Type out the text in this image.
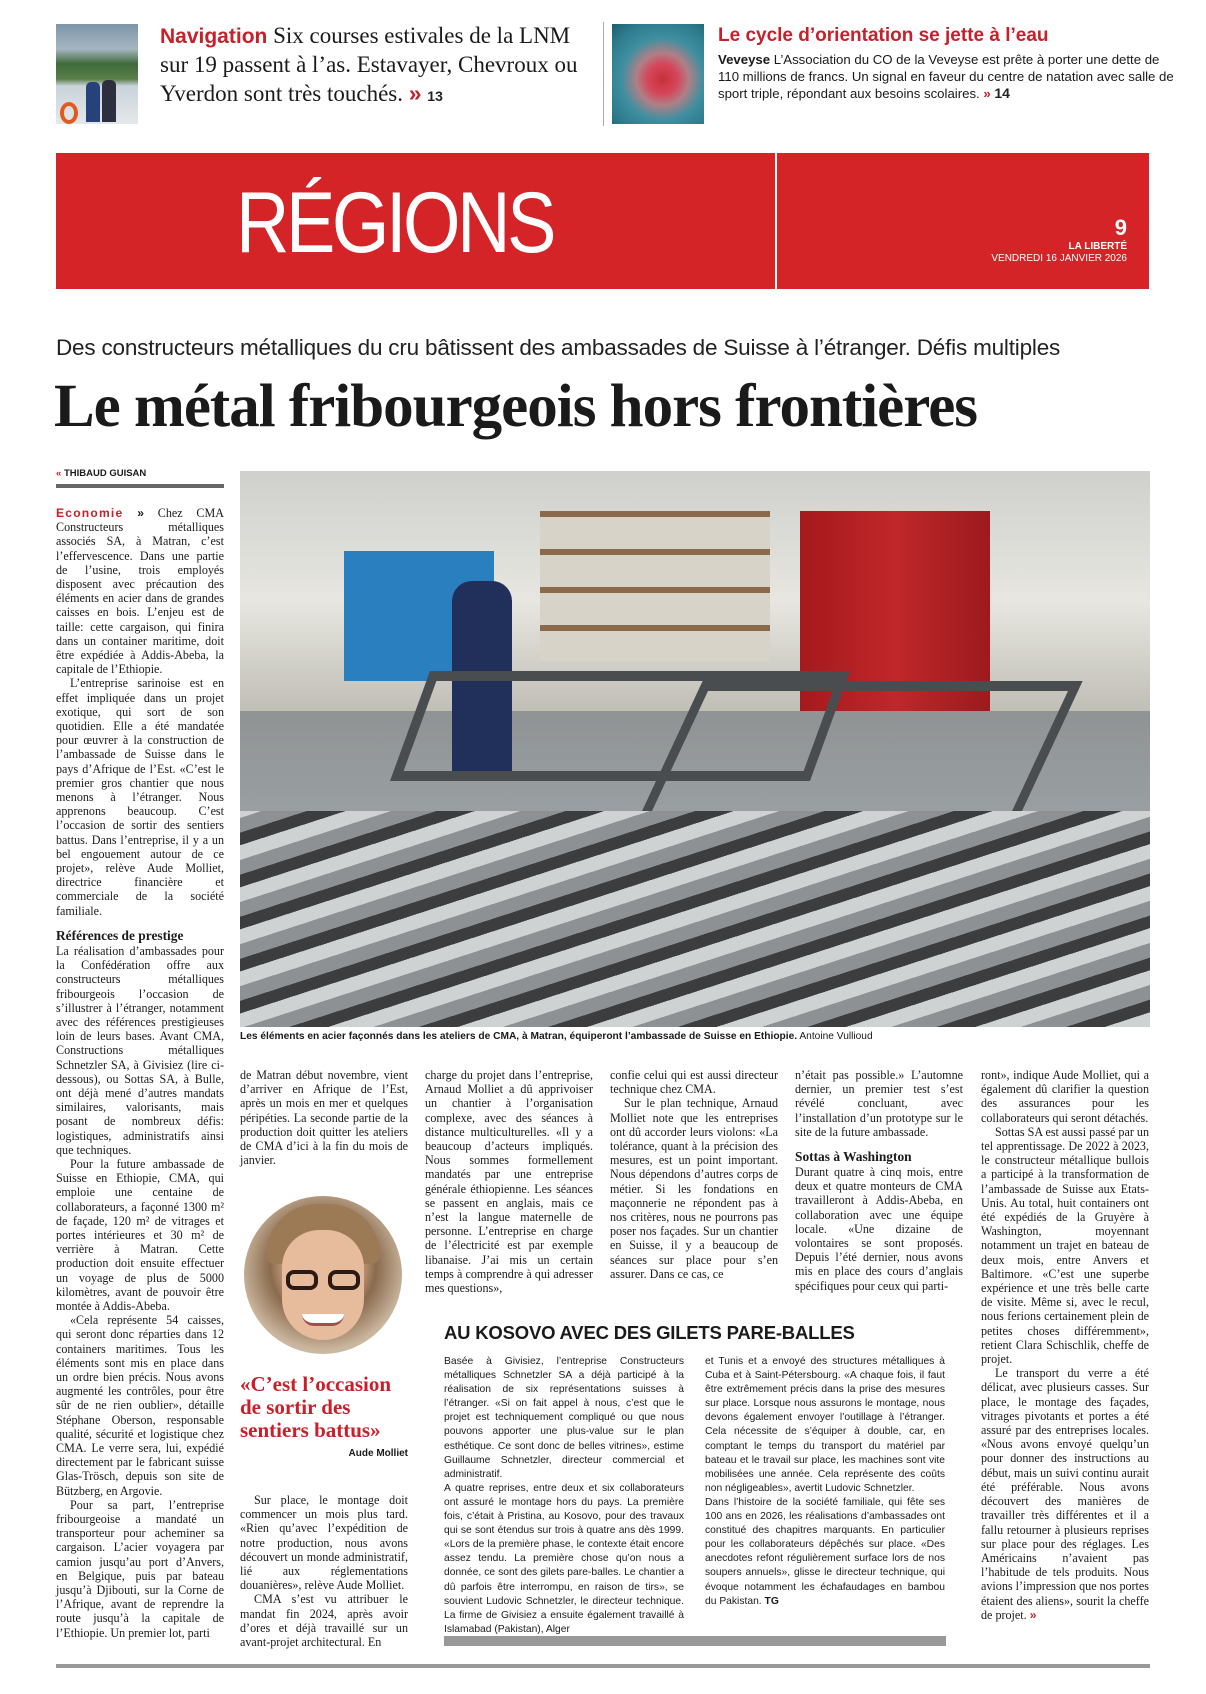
Navigation Six courses estivales de la LNM sur 19 passent à l’as. Estavayer, Chevroux ou Yverdon sont très touchés. » 13
Le cycle d’orientation se jette à l’eau
Veveyse L’Association du CO de la Veveyse est prête à porter une dette de 110 millions de francs. Un signal en faveur du centre de natation avec salle de sport triple, répondant aux besoins scolaires. » 14
RÉGIONS	9
LA LIBERTÉ
VENDREDI 16 JANVIER 2026
Des constructeurs métalliques du cru bâtissent des ambassades de Suisse à l’étranger. Défis multiples
Le métal fribourgeois hors frontières
« THIBAUD GUISAN
Les éléments en acier façonnés dans les ateliers de CMA, à Matran, équiperont l’ambassade de Suisse en Ethiopie. Antoine Vullioud

Economie » Chez CMA Constructeurs métalliques associés SA, à Matran, c’est l’effervescence. Dans une partie de l’usine, trois employés disposent avec précaution des éléments en acier dans de grandes caisses en bois. L’enjeu est de taille: cette cargaison, qui finira dans un container maritime, doit être expédiée à Addis-Abeba, la capitale de l’Ethiopie.

L’entreprise sarinoise est en effet impliquée dans un projet exotique, qui sort de son quotidien. Elle a été mandatée pour œuvrer à la construction de l’ambassade de Suisse dans le pays d’Afrique de l’Est. «C’est le premier gros chantier que nous menons à l’étranger. Nous apprenons beaucoup. C’est l’occasion de sortir des sentiers battus. Dans l’entreprise, il y a un bel engouement autour de ce projet», relève Aude Molliet, directrice financière et commerciale de la société familiale.

Références de prestige

La réalisation d’ambassades pour la Confédération offre aux constructeurs métalliques fribourgeois l’occasion de s’illustrer à l’étranger, notamment avec des références prestigieuses loin de leurs bases. Avant CMA, Constructions métalliques Schnetzler SA, à Givisiez (lire ci-dessous), ou Sottas SA, à Bulle, ont déjà mené d’autres mandats similaires, valorisants, mais posant de nombreux défis: logistiques, administratifs ainsi que techniques.

Pour la future ambassade de Suisse en Ethiopie, CMA, qui emploie une centaine de collaborateurs, a façonné 1300 m² de façade, 120 m² de vitrages et portes intérieures et 30 m² de verrière à Matran. Cette production doit ensuite effectuer un voyage de plus de 5000 kilomètres, avant de pouvoir être montée à Addis-Abeba.

«Cela représente 54 caisses, qui seront donc réparties dans 12 containers maritimes. Tous les éléments sont mis en place dans un ordre bien précis. Nous avons augmenté les contrôles, pour être sûr de ne rien oublier», détaille Stéphane Oberson, responsable qualité, sécurité et logistique chez CMA. Le verre sera, lui, expédié directement par le fabricant suisse Glas-Trösch, depuis son site de Bützberg, en Argovie.

Pour sa part, l’entreprise fribourgeoise a mandaté un transporteur pour acheminer sa cargaison. L’acier voyagera par camion jusqu’au port d’Anvers, en Belgique, puis par bateau jusqu’à Djibouti, sur la Corne de l’Afrique, avant de reprendre la route jusqu’à la capitale de l’Ethiopie. Un premier lot, parti

de Matran début novembre, vient d’arriver en Afrique de l’Est, après un mois en mer et quelques péripéties. La seconde partie de la production doit quitter les ateliers de CMA d’ici à la fin du mois de janvier.

«C’est l’occasion de sortir des sentiers battus»
Aude Molliet

Sur place, le montage doit commencer un mois plus tard. «Rien qu’avec l’expédition de notre production, nous avons découvert un monde administratif, lié aux réglementations douanières», relève Aude Molliet.

CMA s’est vu attribuer le mandat fin 2024, après avoir d’ores et déjà travaillé sur un avant-projet architectural. En

charge du projet dans l’entreprise, Arnaud Molliet a dû apprivoiser un chantier à l’organisation complexe, avec des séances à distance multiculturelles. «Il y a beaucoup d’acteurs impliqués. Nous sommes formellement mandatés par une entreprise générale éthiopienne. Les séances se passent en anglais, mais ce n’est la langue maternelle de personne. L’entreprise en charge de l’électricité est par exemple libanaise. J’ai mis un certain temps à comprendre à qui adresser mes questions»,

confie celui qui est aussi directeur technique chez CMA.

Sur le plan technique, Arnaud Molliet note que les entreprises ont dû accorder leurs violons: «La tolérance, quant à la précision des mesures, est un point important. Nous dépendons d’autres corps de métier. Si les fondations en maçonnerie ne répondent pas à nos critères, nous ne pourrons pas poser nos façades. Sur un chantier en Suisse, il y a beaucoup de séances sur place pour s’en assurer. Dans ce cas, ce

n’était pas possible.» L’automne dernier, un premier test s’est révélé concluant, avec l’installation d’un prototype sur le site de la future ambassade.

Sottas à Washington

Durant quatre à cinq mois, entre deux et quatre monteurs de CMA travailleront à Addis-Abeba, en collaboration avec une équipe locale. «Une dizaine de volontaires se sont proposés. Depuis l’été dernier, nous avons mis en place des cours d’anglais spécifiques pour ceux qui parti-

ront», indique Aude Molliet, qui a également dû clarifier la question des assurances pour les collaborateurs qui seront détachés.

Sottas SA est aussi passé par un tel apprentissage. De 2022 à 2023, le constructeur métallique bullois a participé à la transformation de l’ambassade de Suisse aux Etats-Unis. Au total, huit containers ont été expédiés de la Gruyère à Washington, moyennant notamment un trajet en bateau de deux mois, entre Anvers et Baltimore. «C’est une superbe expérience et une très belle carte de visite. Même si, avec le recul, nous ferions certainement plein de petites choses différemment», retient Clara Schischlik, cheffe de projet.

Le transport du verre a été délicat, avec plusieurs casses. Sur place, le montage des façades, vitrages pivotants et portes a été assuré par des entreprises locales. «Nous avons envoyé quelqu’un pour donner des instructions au début, mais un suivi continu aurait été préférable. Nous avons découvert des manières de travailler très différentes et il a fallu retourner à plusieurs reprises sur place pour des réglages. Les Américains n’avaient pas l’habitude de tels produits. Nous avions l’impression que nos portes étaient des aliens», sourit la cheffe de projet. »

AU KOSOVO AVEC DES GILETS PARE-BALLES

Basée à Givisiez, l’entreprise Constructeurs métalliques Schnetzler SA a déjà participé à la réalisation de six représentations suisses à l’étranger. «Si on fait appel à nous, c’est que le projet est techniquement compliqué ou que nous pouvons apporter une plus-value sur le plan esthétique. Ce sont donc de belles vitrines», estime Guillaume Schnetzler, directeur commercial et administratif.

A quatre reprises, entre deux et six collaborateurs ont assuré le montage hors du pays. La première fois, c’était à Pristina, au Kosovo, pour des travaux qui se sont étendus sur trois à quatre ans dès 1999. «Lors de la première phase, le contexte était encore assez tendu. La première chose qu’on nous a donnée, ce sont des gilets pare-balles. Le chantier a dû parfois être interrompu, en raison de tirs», se souvient Ludovic Schnetzler, le directeur technique. La firme de Givisiez a ensuite également travaillé à Islamabad (Pakistan), Alger

et Tunis et a envoyé des structures métalliques à Cuba et à Saint-Pétersbourg. «A chaque fois, il faut être extrêmement précis dans la prise des mesures sur place. Lorsque nous assurons le montage, nous devons également envoyer l’outillage à l’étranger. Cela nécessite de s’équiper à double, car, en comptant le temps du transport du matériel par bateau et le travail sur place, les machines sont vite mobilisées une année. Cela représente des coûts non négligeables», avertit Ludovic Schnetzler.

Dans l’histoire de la société familiale, qui fête ses 100 ans en 2026, les réalisations d’ambassades ont constitué des chapitres marquants. En particulier pour les collaborateurs dépêchés sur place. «Des anecdotes refont régulièrement surface lors de nos soupers annuels», glisse le directeur technique, qui évoque notamment les échafaudages en bambou du Pakistan. TG
